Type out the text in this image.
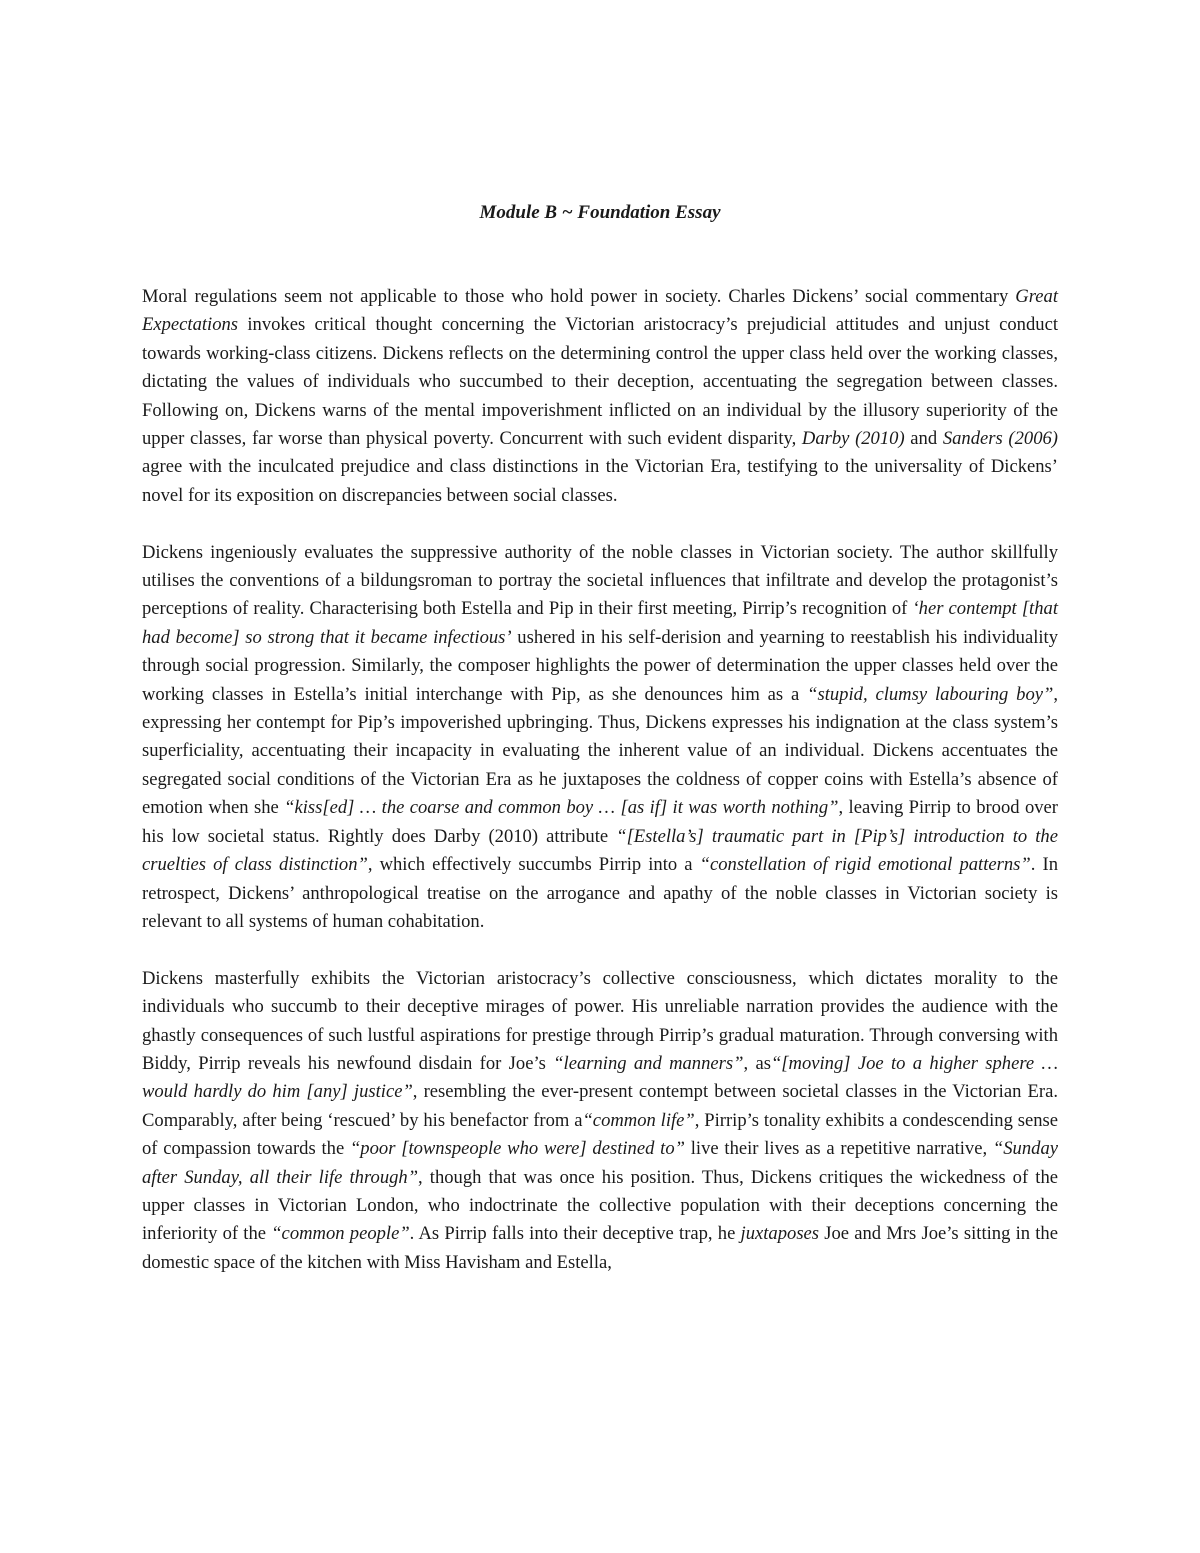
Module B ~ Foundation Essay

Moral regulations seem not applicable to those who hold power in society. Charles Dickens’ social commentary Great Expectations invokes critical thought concerning the Victorian aristocracy’s prejudicial attitudes and unjust conduct towards working-class citizens. Dickens reflects on the determining control the upper class held over the working classes, dictating the values of individuals who succumbed to their deception, accentuating the segregation between classes. Following on, Dickens warns of the mental impoverishment inflicted on an individual by the illusory superiority of the upper classes, far worse than physical poverty. Concurrent with such evident disparity, Darby (2010) and Sanders (2006) agree with the inculcated prejudice and class distinctions in the Victorian Era, testifying to the universality of Dickens’ novel for its exposition on discrepancies between social classes.

Dickens ingeniously evaluates the suppressive authority of the noble classes in Victorian society. The author skillfully utilises the conventions of a bildungsroman to portray the societal influences that infiltrate and develop the protagonist’s perceptions of reality. Characterising both Estella and Pip in their first meeting, Pirrip’s recognition of ‘her contempt [that had become] so strong that it became infectious’ ushered in his self-derision and yearning to reestablish his individuality through social progression. Similarly, the composer highlights the power of determination the upper classes held over the working classes in Estella’s initial interchange with Pip, as she denounces him as a “stupid, clumsy labouring boy”, expressing her contempt for Pip’s impoverished upbringing. Thus, Dickens expresses his indignation at the class system’s superficiality, accentuating their incapacity in evaluating the inherent value of an individual. Dickens accentuates the segregated social conditions of the Victorian Era as he juxtaposes the coldness of copper coins with Estella’s absence of emotion when she “kiss[ed] … the coarse and common boy … [as if] it was worth nothing”, leaving Pirrip to brood over his low societal status. Rightly does Darby (2010) attribute “[Estella’s] traumatic part in [Pip’s] introduction to the cruelties of class distinction”, which effectively succumbs Pirrip into a “constellation of rigid emotional patterns”. In retrospect, Dickens’ anthropological treatise on the arrogance and apathy of the noble classes in Victorian society is relevant to all systems of human cohabitation.

Dickens masterfully exhibits the Victorian aristocracy’s collective consciousness, which dictates morality to the individuals who succumb to their deceptive mirages of power. His unreliable narration provides the audience with the ghastly consequences of such lustful aspirations for prestige through Pirrip’s gradual maturation. Through conversing with Biddy, Pirrip reveals his newfound disdain for Joe’s “learning and manners”, as“[moving] Joe to a higher sphere … would hardly do him [any] justice”, resembling the ever-present contempt between societal classes in the Victorian Era. Comparably, after being ‘rescued’ by his benefactor from a“common life”, Pirrip’s tonality exhibits a condescending sense of compassion towards the “poor [townspeople who were] destined to” live their lives as a repetitive narrative, “Sunday after Sunday, all their life through”, though that was once his position. Thus, Dickens critiques the wickedness of the upper classes in Victorian London, who indoctrinate the collective population with their deceptions concerning the inferiority of the “common people”. As Pirrip falls into their deceptive trap, he juxtaposes Joe and Mrs Joe’s sitting in the domestic space of the kitchen with Miss Havisham and Estella,
